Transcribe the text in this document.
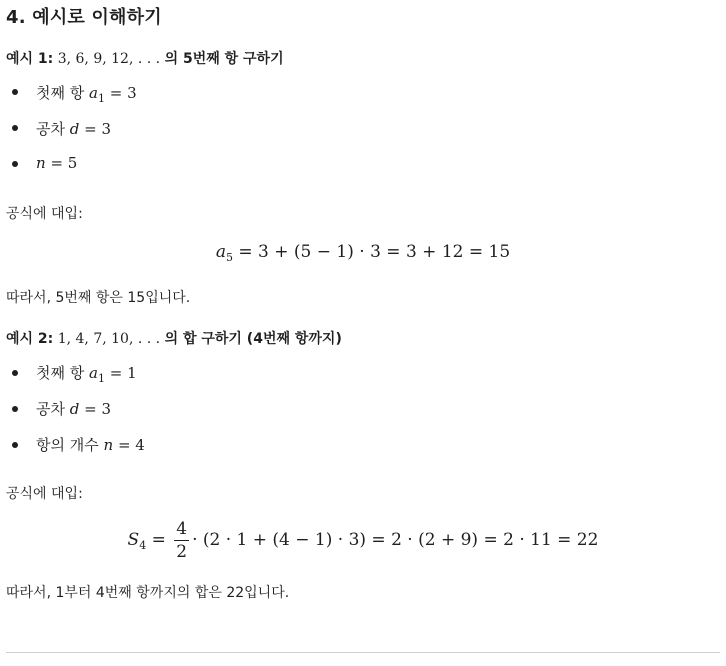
4. 예시로 이해하기
예시 1: 3, 6, 9, 12, . . . 의 5번째 항 구하기
첫째 항 $a_1 = 3$
공차 d = 3
n = 5
공식에 대입:
$a_5 = 3 + (5 - 1) \cdot 3 = 3 + 12 = 15$
따라서, 5번째 항은 15입니다.
예시 2: 1, 4, 7, 10, . . . 의 합 구하기 (4번째 항까지)
첫째 항 $a_1 = 1$
공차 d = 3
항의 개수 n = 4
공식에 대입:
$S_4 = \frac{4}{2} \cdot (2 \cdot 1 + (4 - 1) \cdot 3) = 2 \cdot (2 + 9) = 2 \cdot 11 = 22$
따라서, 1부터 4번째 항까지의 합은 22입니다.
